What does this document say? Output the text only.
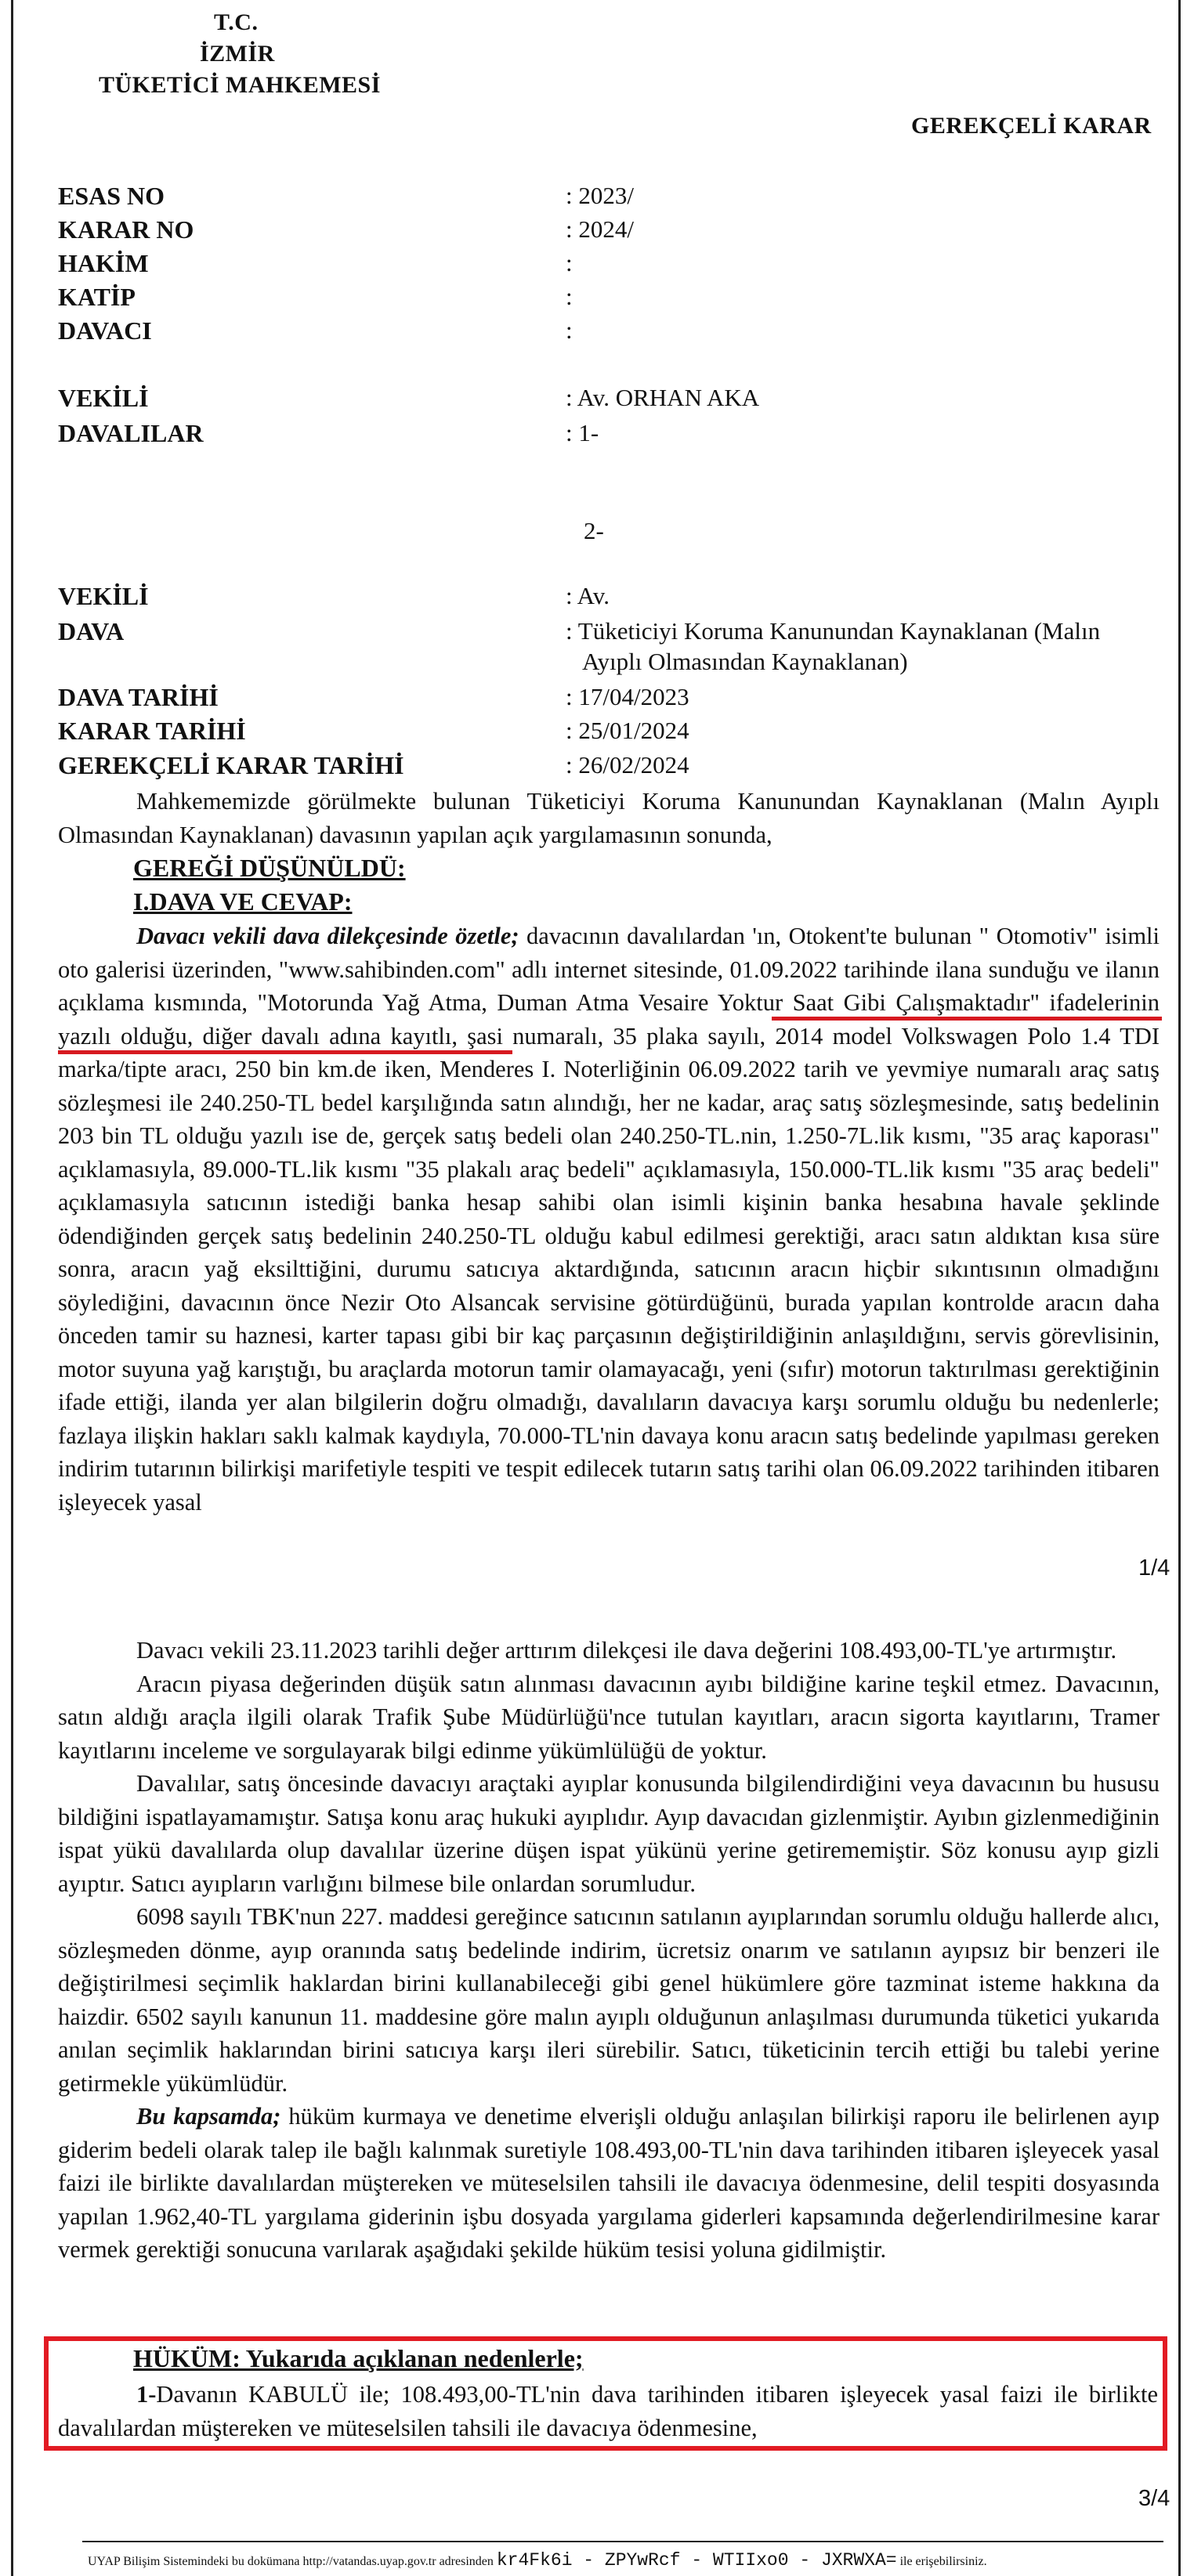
T.C.
İZMİR
TÜKETİCİ MAHKEMESİ
GEREKÇELİ KARAR
ESAS NO	: 2023/
KARAR NO	: 2024/
HAKİM	:
KATİP	:
DAVACI	:
VEKİLİ	: Av. ORHAN AKA
DAVALILAR	: 1-
2-
VEKİLİ	: Av.
DAVA	: Tüketiciyi Koruma Kanunundan Kaynaklanan (Malın
Ayıplı Olmasından Kaynaklanan)
DAVA TARİHİ	: 17/04/2023
KARAR TARİHİ	: 25/01/2024
GEREKÇELİ KARAR TARİHİ	: 26/02/2024

Mahkememizde görülmekte bulunan Tüketiciyi Koruma Kanunundan Kaynaklanan (Malın Ayıplı Olmasından Kaynaklanan) davasının yapılan açık yargılamasının sonunda,

GEREĞİ DÜŞÜNÜLDÜ:
I.DAVA VE CEVAP:

Davacı vekili dava dilekçesinde özetle; davacının davalılardan 'ın, Otokent'te bulunan " Otomotiv" isimli oto galerisi üzerinden, "www.sahibinden.com" adlı internet sitesinde, 01.09.2022 tarihinde ilana sunduğu ve ilanın açıklama kısmında, "Motorunda Yağ Atma, Duman Atma Vesaire Yoktur Saat Gibi Çalışmaktadır" ifadelerinin yazılı olduğu, diğer davalı adına kayıtlı, şasi numaralı, 35 plaka sayılı, 2014 model Volkswagen Polo 1.4 TDI marka/tipte aracı, 250 bin km.de iken, Menderes I. Noterliğinin 06.09.2022 tarih ve yevmiye numaralı araç satış sözleşmesi ile 240.250-TL bedel karşılığında satın alındığı, her ne kadar, araç satış sözleşmesinde, satış bedelinin 203 bin TL olduğu yazılı ise de, gerçek satış bedeli olan 240.250-TL.nin, 1.250-7L.lik kısmı, "35 araç kaporası" açıklamasıyla, 89.000-TL.lik kısmı "35 plakalı araç bedeli" açıklamasıyla, 150.000-TL.lik kısmı "35 araç bedeli" açıklamasıyla satıcının istediği banka hesap sahibi olan isimli kişinin banka hesabına havale şeklinde ödendiğinden gerçek satış bedelinin 240.250-TL olduğu kabul edilmesi gerektiği, aracı satın aldıktan kısa süre sonra, aracın yağ eksilttiğini, durumu satıcıya aktardığında, satıcının aracın hiçbir sıkıntısının olmadığını söylediğini, davacının önce Nezir Oto Alsancak servisine götürdüğünü, burada yapılan kontrolde aracın daha önceden tamir su haznesi, karter tapası gibi bir kaç parçasının değiştirildiğinin anlaşıldığını, servis görevlisinin, motor suyuna yağ karıştığı, bu araçlarda motorun tamir olamayacağı, yeni (sıfır) motorun taktırılması gerektiğinin ifade ettiği, ilanda yer alan bilgilerin doğru olmadığı, davalıların davacıya karşı sorumlu olduğu bu nedenlerle; fazlaya ilişkin hakları saklı kalmak kaydıyla, 70.000-TL'nin davaya konu aracın satış bedelinde yapılması gereken indirim tutarının bilirkişi marifetiyle tespiti ve tespit edilecek tutarın satış tarihi olan 06.09.2022 tarihinden itibaren işleyecek yasal

1/4

Davacı vekili 23.11.2023 tarihli değer arttırım dilekçesi ile dava değerini 108.493,00-TL'ye artırmıştır.

Aracın piyasa değerinden düşük satın alınması davacının ayıbı bildiğine karine teşkil etmez. Davacının, satın aldığı araçla ilgili olarak Trafik Şube Müdürlüğü'nce tutulan kayıtları, aracın sigorta kayıtlarını, Tramer kayıtlarını inceleme ve sorgulayarak bilgi edinme yükümlülüğü de yoktur.

Davalılar, satış öncesinde davacıyı araçtaki ayıplar konusunda bilgilendirdiğini veya davacının bu hususu bildiğini ispatlayamamıştır. Satışa konu araç hukuki ayıplıdır. Ayıp davacıdan gizlenmiştir. Ayıbın gizlenmediğinin ispat yükü davalılarda olup davalılar üzerine düşen ispat yükünü yerine getirememiştir. Söz konusu ayıp gizli ayıptır. Satıcı ayıpların varlığını bilmese bile onlardan sorumludur.

6098 sayılı TBK'nun 227. maddesi gereğince satıcının satılanın ayıplarından sorumlu olduğu hallerde alıcı, sözleşmeden dönme, ayıp oranında satış bedelinde indirim, ücretsiz onarım ve satılanın ayıpsız bir benzeri ile değiştirilmesi seçimlik haklardan birini kullanabileceği gibi genel hükümlere göre tazminat isteme hakkına da haizdir. 6502 sayılı kanunun 11. maddesine göre malın ayıplı olduğunun anlaşılması durumunda tüketici yukarıda anılan seçimlik haklarından birini satıcıya karşı ileri sürebilir. Satıcı, tüketicinin tercih ettiği bu talebi yerine getirmekle yükümlüdür.

Bu kapsamda; hüküm kurmaya ve denetime elverişli olduğu anlaşılan bilirkişi raporu ile belirlenen ayıp giderim bedeli olarak talep ile bağlı kalınmak suretiyle 108.493,00-TL'nin dava tarihinden itibaren işleyecek yasal faizi ile birlikte davalılardan müştereken ve müteselsilen tahsili ile davacıya ödenmesine, delil tespiti dosyasında yapılan 1.962,40-TL yargılama giderinin işbu dosyada yargılama giderleri kapsamında değerlendirilmesine karar vermek gerektiği sonucuna varılarak aşağıdaki şekilde hüküm tesisi yoluna gidilmiştir.

HÜKÜM: Yukarıda açıklanan nedenlerle;

1-Davanın KABULÜ ile; 108.493,00-TL'nin dava tarihinden itibaren işleyecek yasal faizi ile birlikte davalılardan müştereken ve müteselsilen tahsili ile davacıya ödenmesine,

3/4
UYAP Bilişim Sistemindeki bu dokümana http://vatandas.uyap.gov.tr adresinden kr4Fk6i - ZPYwRcf - WTIIxo0 - JXRWXA= ile erişebilirsiniz.
